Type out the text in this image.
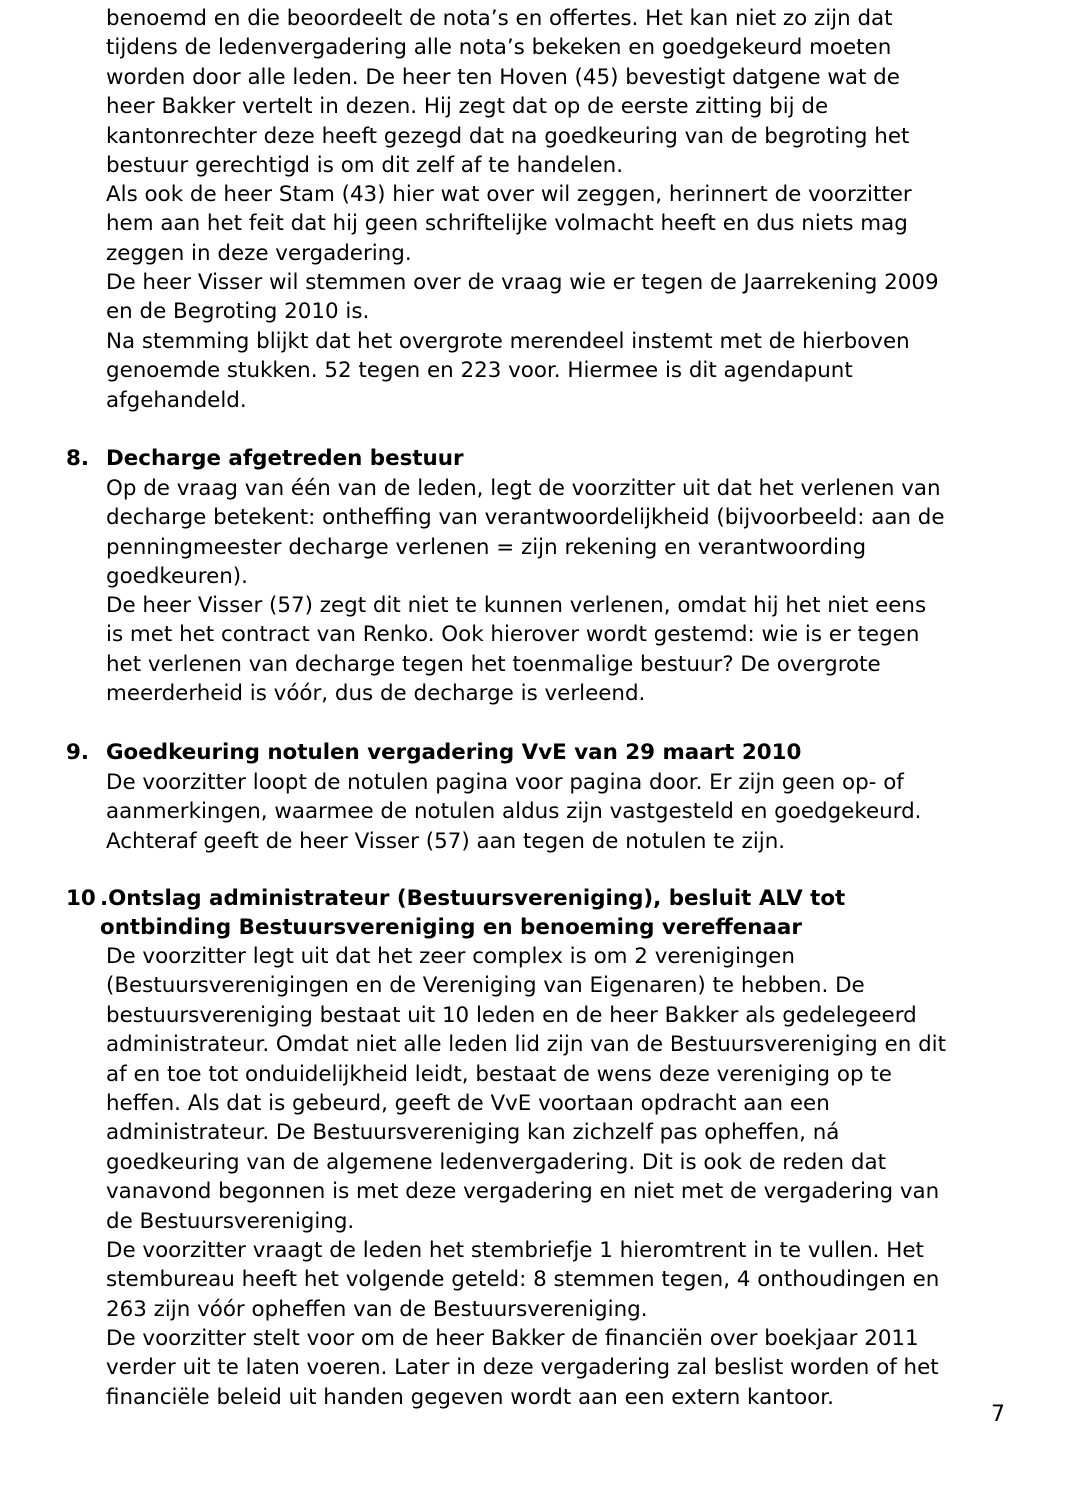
benoemd en die beoordeelt de nota’s en offertes. Het kan niet zo zijn dat
tijdens de ledenvergadering alle nota’s bekeken en goedgekeurd moeten
worden door alle leden. De heer ten Hoven (45) bevestigt datgene wat de
heer Bakker vertelt in dezen. Hij zegt dat op de eerste zitting bij de
kantonrechter deze heeft gezegd dat na goedkeuring van de begroting het
bestuur gerechtigd is om dit zelf af te handelen.

Als ook de heer Stam (43) hier wat over wil zeggen, herinnert de voorzitter
hem aan het feit dat hij geen schriftelijke volmacht heeft en dus niets mag
zeggen in deze vergadering.

De heer Visser wil stemmen over de vraag wie er tegen de Jaarrekening 2009
en de Begroting 2010 is.

Na stemming blijkt dat het overgrote merendeel instemt met de hierboven
genoemde stukken. 52 tegen en 223 voor. Hiermee is dit agendapunt
afgehandeld.

8. Decharge afgetreden bestuur

Op de vraag van één van de leden, legt de voorzitter uit dat het verlenen van
decharge betekent: ontheffing van verantwoordelijkheid (bijvoorbeeld: aan de
penningmeester decharge verlenen = zijn rekening en verantwoording
goedkeuren).

De heer Visser (57) zegt dit niet te kunnen verlenen, omdat hij het niet eens
is met het contract van Renko. Ook hierover wordt gestemd: wie is er tegen
het verlenen van decharge tegen het toenmalige bestuur? De overgrote
meerderheid is vóór, dus de decharge is verleend.

9. Goedkeuring notulen vergadering VvE van 29 maart 2010

De voorzitter loopt de notulen pagina voor pagina door. Er zijn geen op- of
aanmerkingen, waarmee de notulen aldus zijn vastgesteld en goedgekeurd.
Achteraf geeft de heer Visser (57) aan tegen de notulen te zijn.

10 .Ontslag administrateur (Bestuursvereniging), besluit ALV tot
ontbinding Bestuursvereniging en benoeming vereffenaar

De voorzitter legt uit dat het zeer complex is om 2 verenigingen
(Bestuursverenigingen en de Vereniging van Eigenaren) te hebben. De
bestuursvereniging bestaat uit 10 leden en de heer Bakker als gedelegeerd
administrateur. Omdat niet alle leden lid zijn van de Bestuursvereniging en dit
af en toe tot onduidelijkheid leidt, bestaat de wens deze vereniging op te
heffen. Als dat is gebeurd, geeft de VvE voortaan opdracht aan een
administrateur. De Bestuursvereniging kan zichzelf pas opheffen, ná
goedkeuring van de algemene ledenvergadering. Dit is ook de reden dat
vanavond begonnen is met deze vergadering en niet met de vergadering van
de Bestuursvereniging.

De voorzitter vraagt de leden het stembriefje 1 hieromtrent in te vullen. Het
stembureau heeft het volgende geteld: 8 stemmen tegen, 4 onthoudingen en
263 zijn vóór opheffen van de Bestuursvereniging.

De voorzitter stelt voor om de heer Bakker de financiën over boekjaar 2011
verder uit te laten voeren. Later in deze vergadering zal beslist worden of het
financiële beleid uit handen gegeven wordt aan een extern kantoor.

7
